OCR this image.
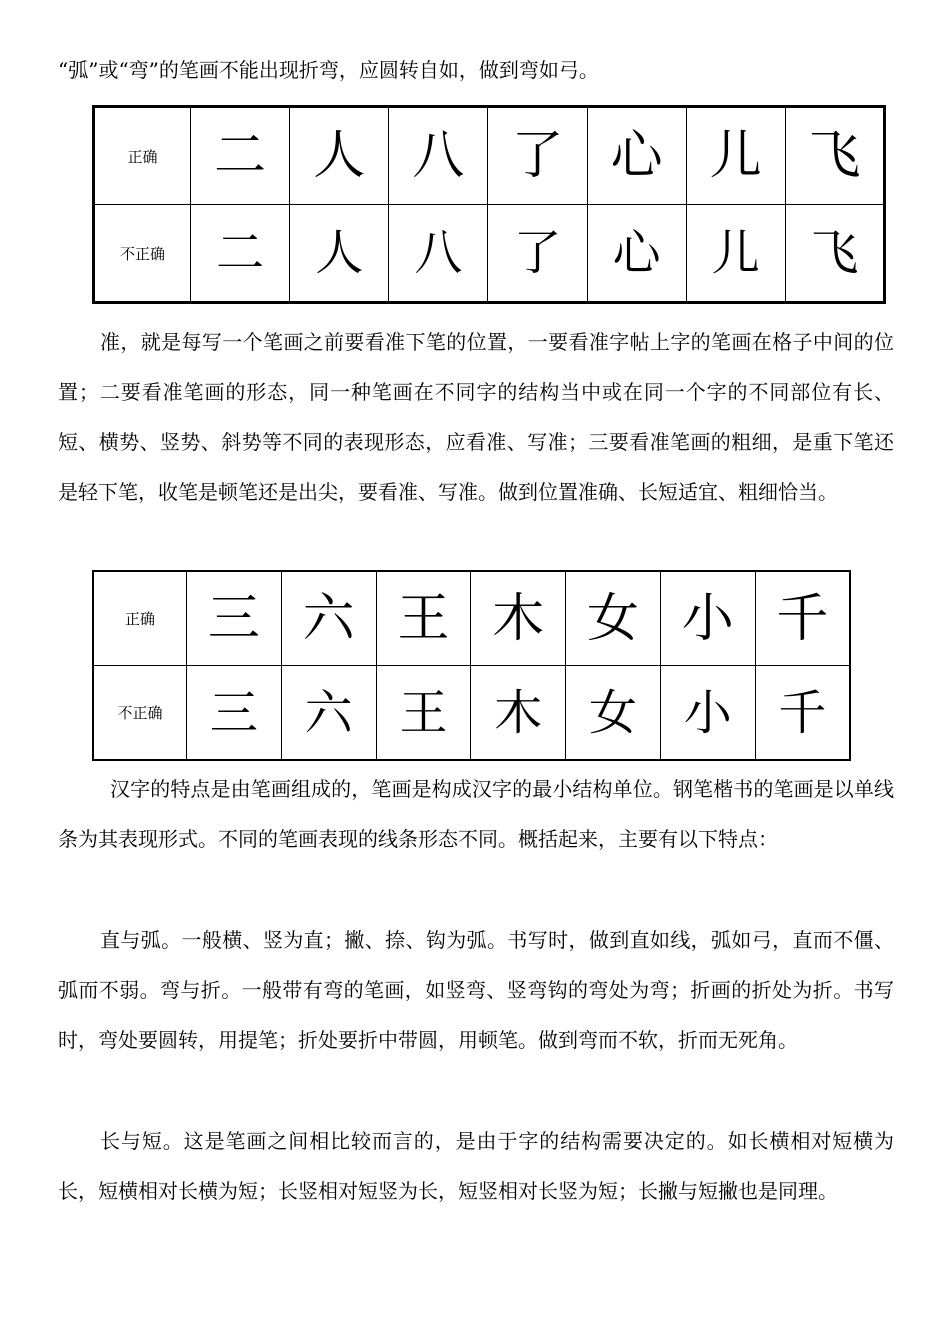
“弧”或“弯”的笔画不能出现折弯，应圆转自如，做到弯如弓。

正确	二	人	八	了	心	儿	飞
不正确	二	人	八	了	心	儿	飞

准，就是每写一个笔画之前要看准下笔的位置，一要看准字帖上字的笔画在格子中间的位置；二要看准笔画的形态，同一种笔画在不同字的结构当中或在同一个字的不同部位有长、短、横势、竖势、斜势等不同的表现形态，应看准、写准；三要看准笔画的粗细，是重下笔还是轻下笔，收笔是顿笔还是出尖，要看准、写准。做到位置准确、长短适宜、粗细恰当。

正确	三	六	王	木	女	小	千
不正确	三	六	王	木	女	小	千

汉字的特点是由笔画组成的，笔画是构成汉字的最小结构单位。钢笔楷书的笔画是以单线条为其表现形式。不同的笔画表现的线条形态不同。概括起来，主要有以下特点：

直与弧。一般横、竖为直；撇、捺、钩为弧。书写时，做到直如线，弧如弓，直而不僵、弧而不弱。弯与折。一般带有弯的笔画，如竖弯、竖弯钩的弯处为弯；折画的折处为折。书写时，弯处要圆转，用提笔；折处要折中带圆，用顿笔。做到弯而不软，折而无死角。

长与短。这是笔画之间相比较而言的，是由于字的结构需要决定的。如长横相对短横为长，短横相对长横为短；长竖相对短竖为长，短竖相对长竖为短；长撇与短撇也是同理。
